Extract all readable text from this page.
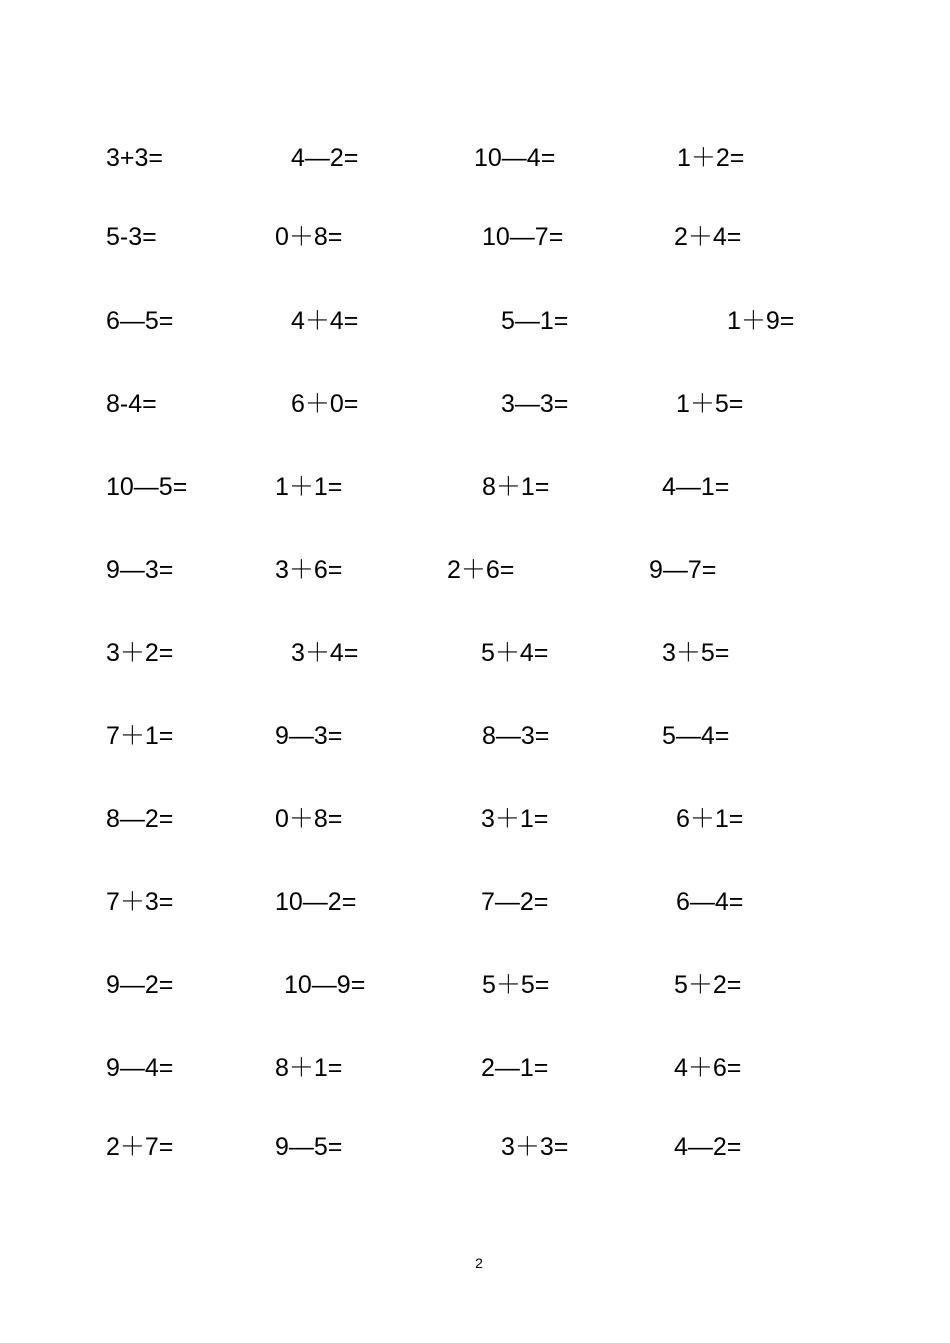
3+3=	4—2=	10—4=	1＋2=
5-3=	0＋8=	10—7=	2＋4=
6—5=	4＋4=	5—1=	1＋9=
8-4=	6＋0=	3—3=	1＋5=
10—5=	1＋1=	8＋1=	4—1=
9—3=	3＋6=	2＋6=	9—7=
3＋2=	3＋4=	5＋4=	3＋5=
7＋1=	9—3=	8—3=	5—4=
8—2=	0＋8=	3＋1=	6＋1=
7＋3=	10—2=	7—2=	6—4=
9—2=	10—9=	5＋5=	5＋2=
9—4=	8＋1=	2—1=	4＋6=
2＋7=	9—5=	3＋3=	4—2=
2
